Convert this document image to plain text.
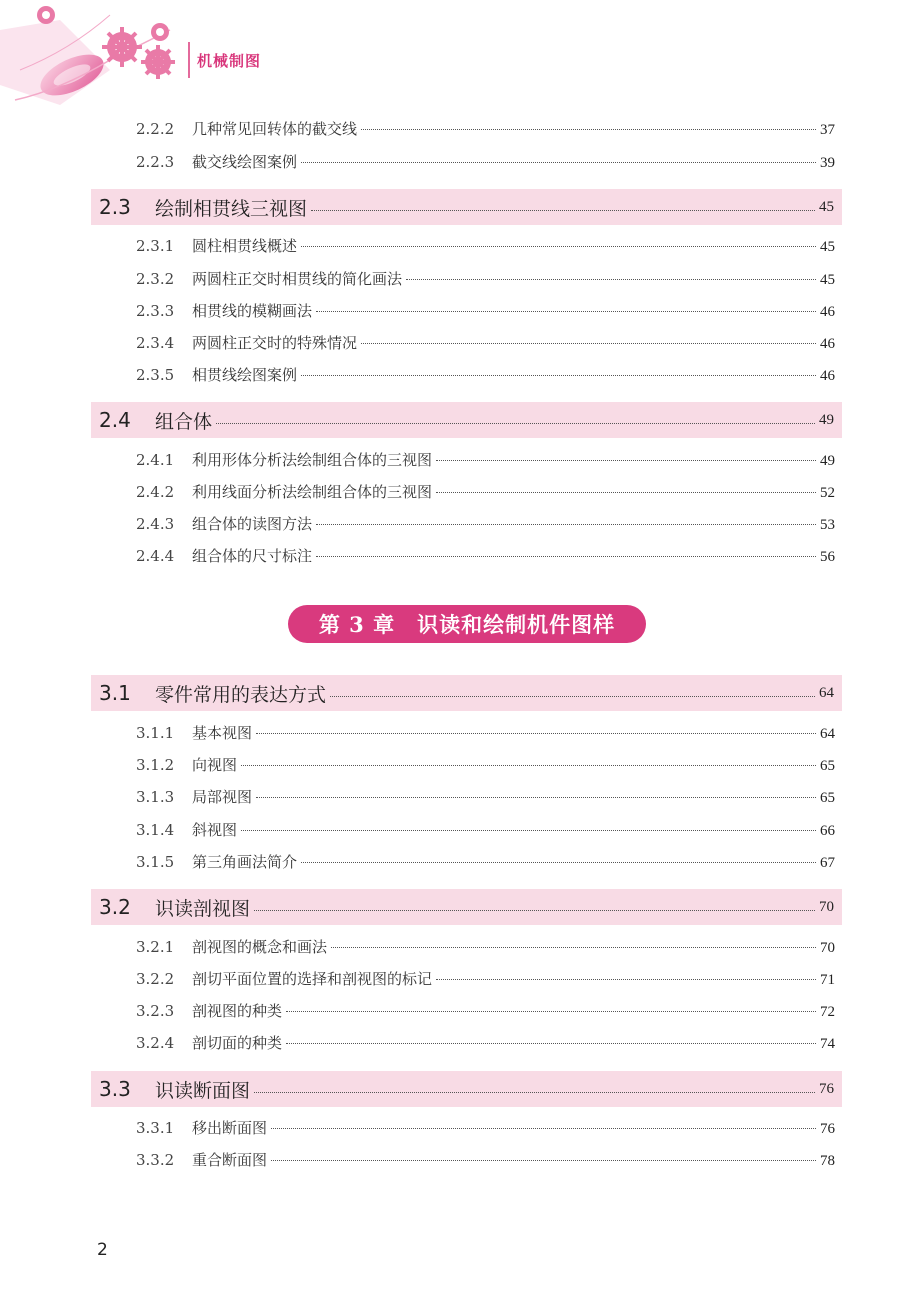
机械制图
2.2.2	几种常见回转体的截交线	37
2.2.3	截交线绘图案例	39
2.3	绘制相贯线三视图	45
2.3.1	圆柱相贯线概述	45
2.3.2	两圆柱正交时相贯线的简化画法	45
2.3.3	相贯线的模糊画法	46
2.3.4	两圆柱正交时的特殊情况	46
2.3.5	相贯线绘图案例	46
2.4	组合体	49
2.4.1	利用形体分析法绘制组合体的三视图	49
2.4.2	利用线面分析法绘制组合体的三视图	52
2.4.3	组合体的读图方法	53
2.4.4	组合体的尺寸标注	56
3.1	零件常用的表达方式	64
3.1.1	基本视图	64
3.1.2	向视图	65
3.1.3	局部视图	65
3.1.4	斜视图	66
3.1.5	第三角画法简介	67
3.2	识读剖视图	70
3.2.1	剖视图的概念和画法	70
3.2.2	剖切平面位置的选择和剖视图的标记	71
3.2.3	剖视图的种类	72
3.2.4	剖切面的种类	74
3.3	识读断面图	76
3.3.1	移出断面图	76
3.3.2	重合断面图	78
第 3 章　识读和绘制机件图样
2
